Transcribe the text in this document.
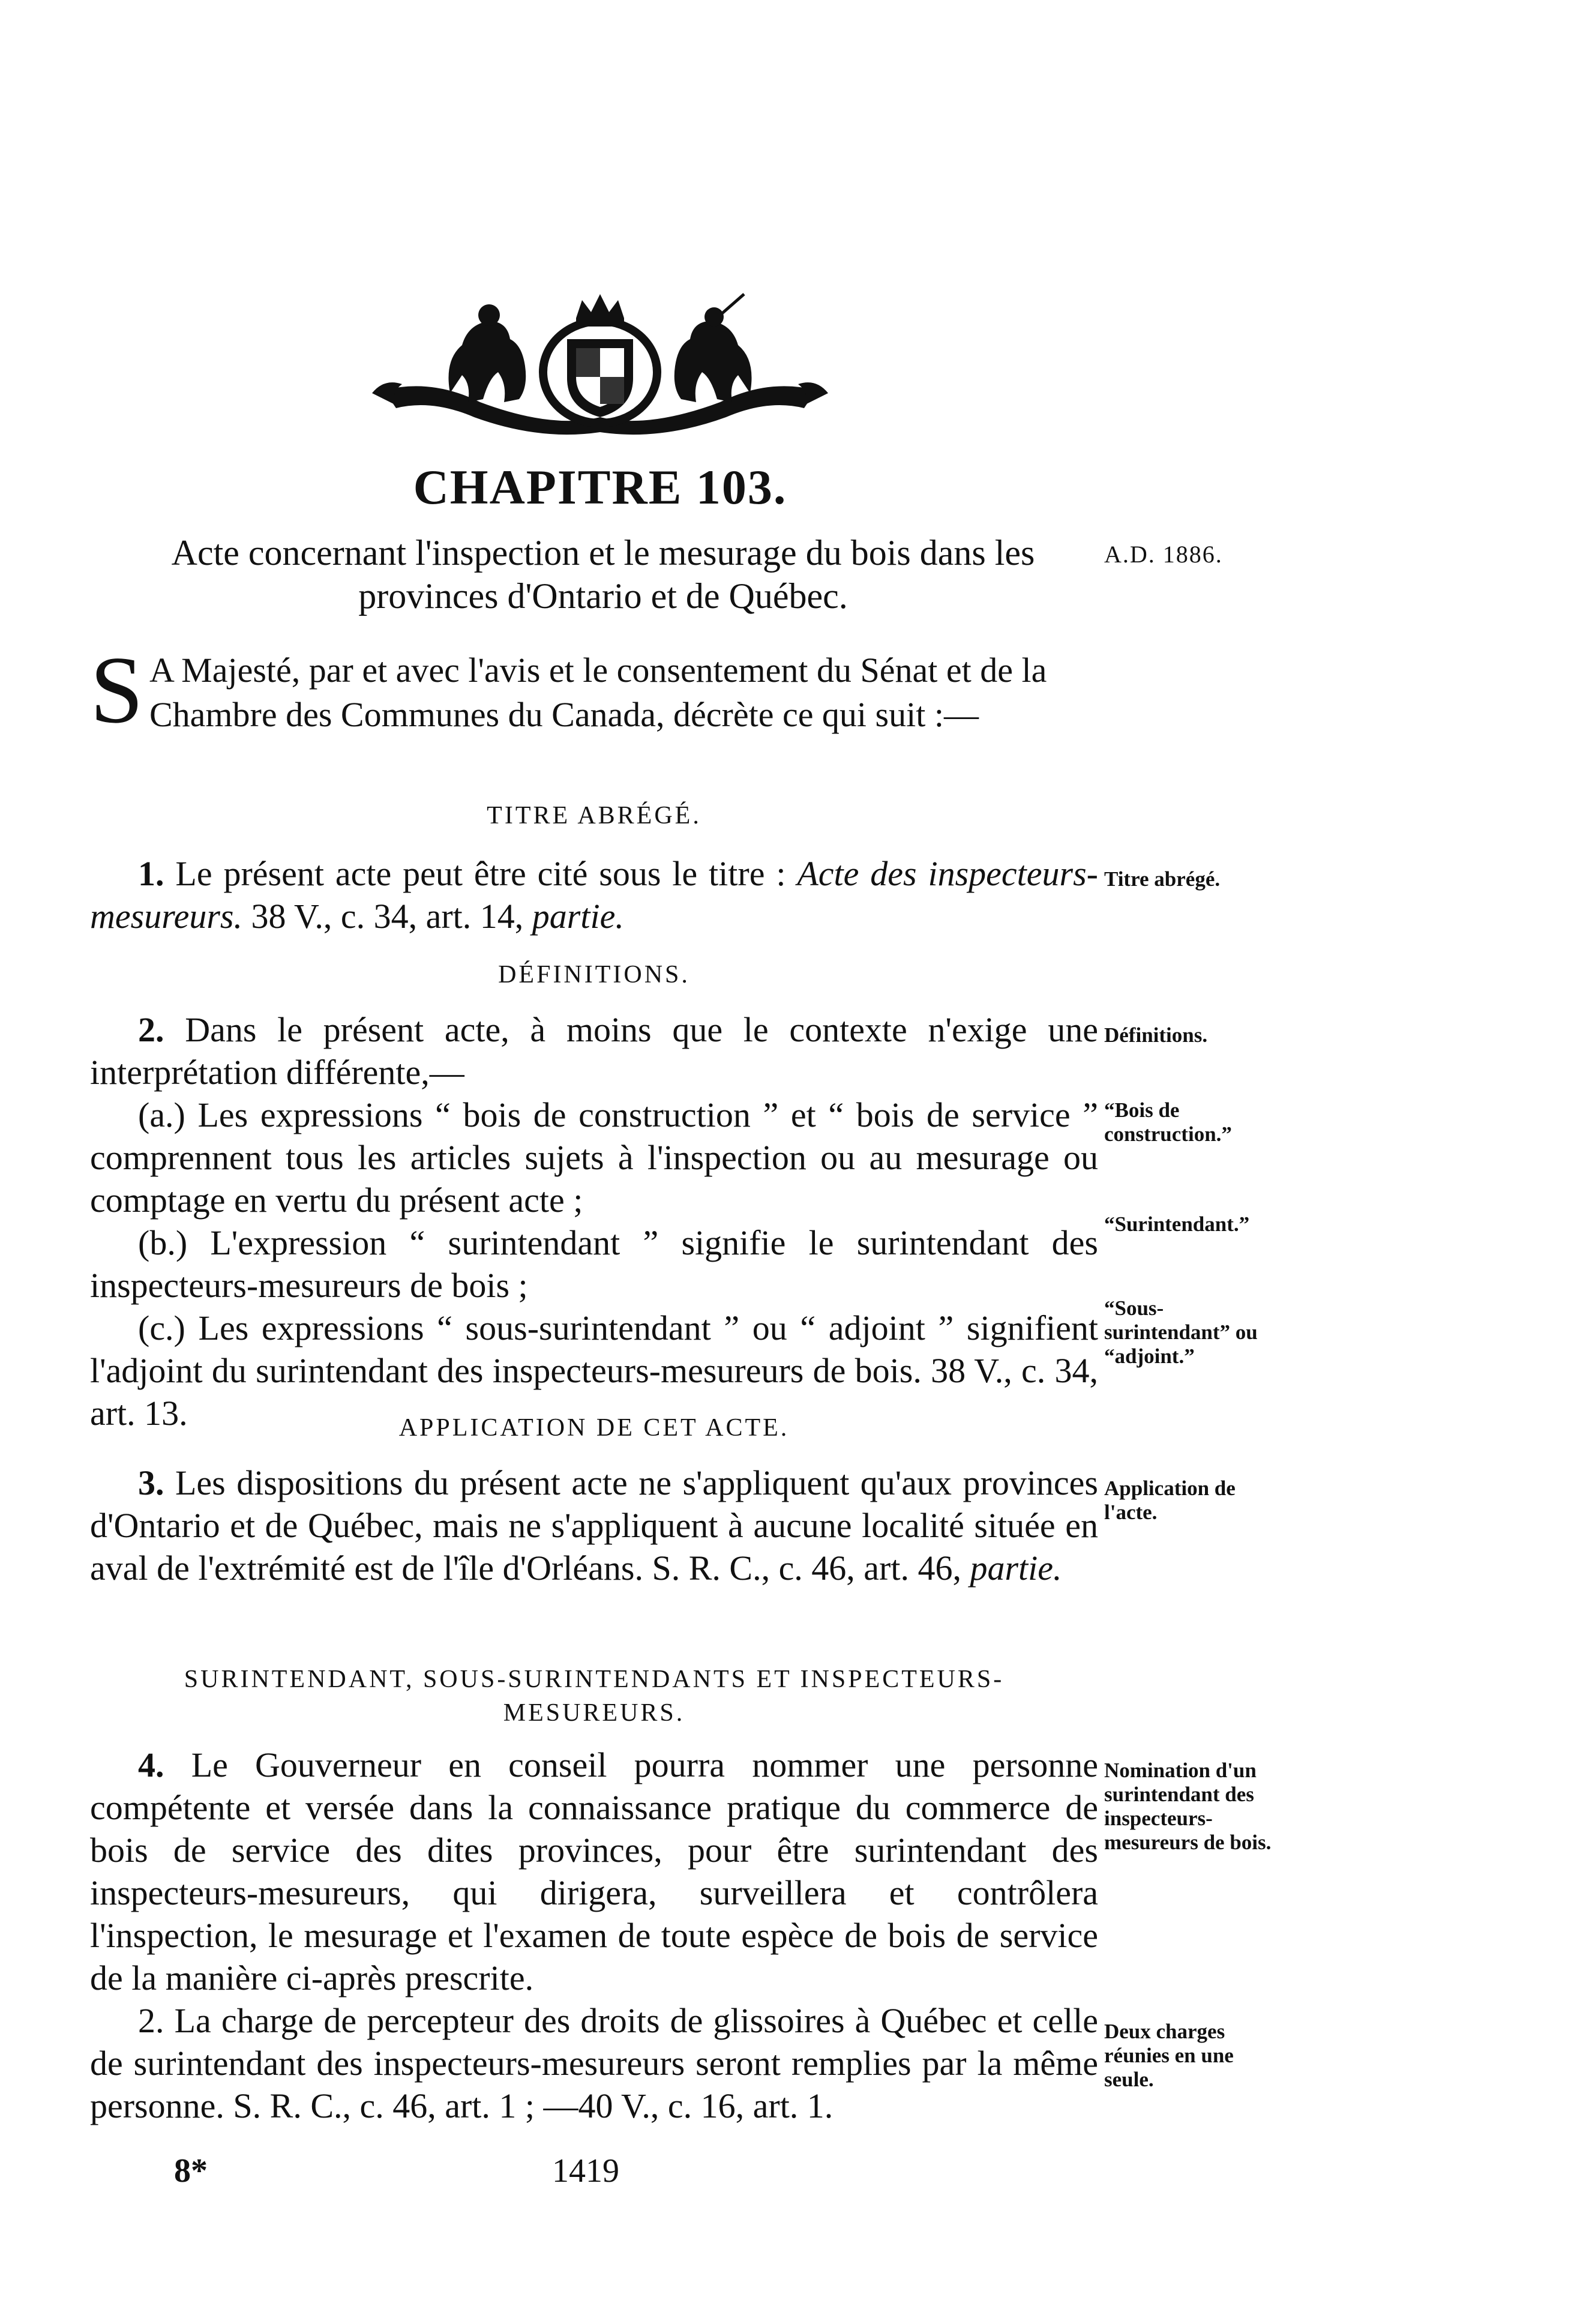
CHAPITRE 103.
Acte concernant l'inspection et le mesurage du bois dans les provinces d'Ontario et de Québec.
A.D. 1886.
S A Majesté, par et avec l'avis et le consentement du Sénat et de la Chambre des Communes du Canada, décrète ce qui suit :—
TITRE ABRÉGÉ.
1. Le présent acte peut être cité sous le titre : Acte des inspecteurs-mesureurs. 38 V., c. 34, art. 14, partie.
Titre abrégé.
DÉFINITIONS.
2. Dans le présent acte, à moins que le contexte n'exige une interprétation différente,—
(a.) Les expressions “ bois de construction ” et “ bois de service ” comprennent tous les articles sujets à l'inspection ou au mesurage ou comptage en vertu du présent acte ;
(b.) L'expression “ surintendant ” signifie le surintendant des inspecteurs-mesureurs de bois ;
(c.) Les expressions “ sous-surintendant ” ou “ adjoint ” signifient l'adjoint du surintendant des inspecteurs-mesureurs de bois. 38 V., c. 34, art. 13.
Définitions.
“Bois de construction.”
“Surintendant.”
“Sous-surintendant” ou “adjoint.”
APPLICATION DE CET ACTE.
3. Les dispositions du présent acte ne s'appliquent qu'aux provinces d'Ontario et de Québec, mais ne s'appliquent à aucune localité située en aval de l'extrémité est de l'île d'Orléans. S. R. C., c. 46, art. 46, partie.
Application de l'acte.
SURINTENDANT, SOUS-SURINTENDANTS ET INSPECTEURS-
MESUREURS.
4. Le Gouverneur en conseil pourra nommer une personne compétente et versée dans la connaissance pratique du commerce de bois de service des dites provinces, pour être surintendant des inspecteurs-mesureurs, qui dirigera, surveillera et contrôlera l'inspection, le mesurage et l'examen de toute espèce de bois de service de la manière ci-après prescrite.
2. La charge de percepteur des droits de glissoires à Québec et celle de surintendant des inspecteurs-mesureurs seront remplies par la même personne. S. R. C., c. 46, art. 1 ; —40 V., c. 16, art. 1.
Nomination d'un surintendant des inspecteurs-mesureurs de bois.
Deux charges réunies en une seule.
8*	1419
